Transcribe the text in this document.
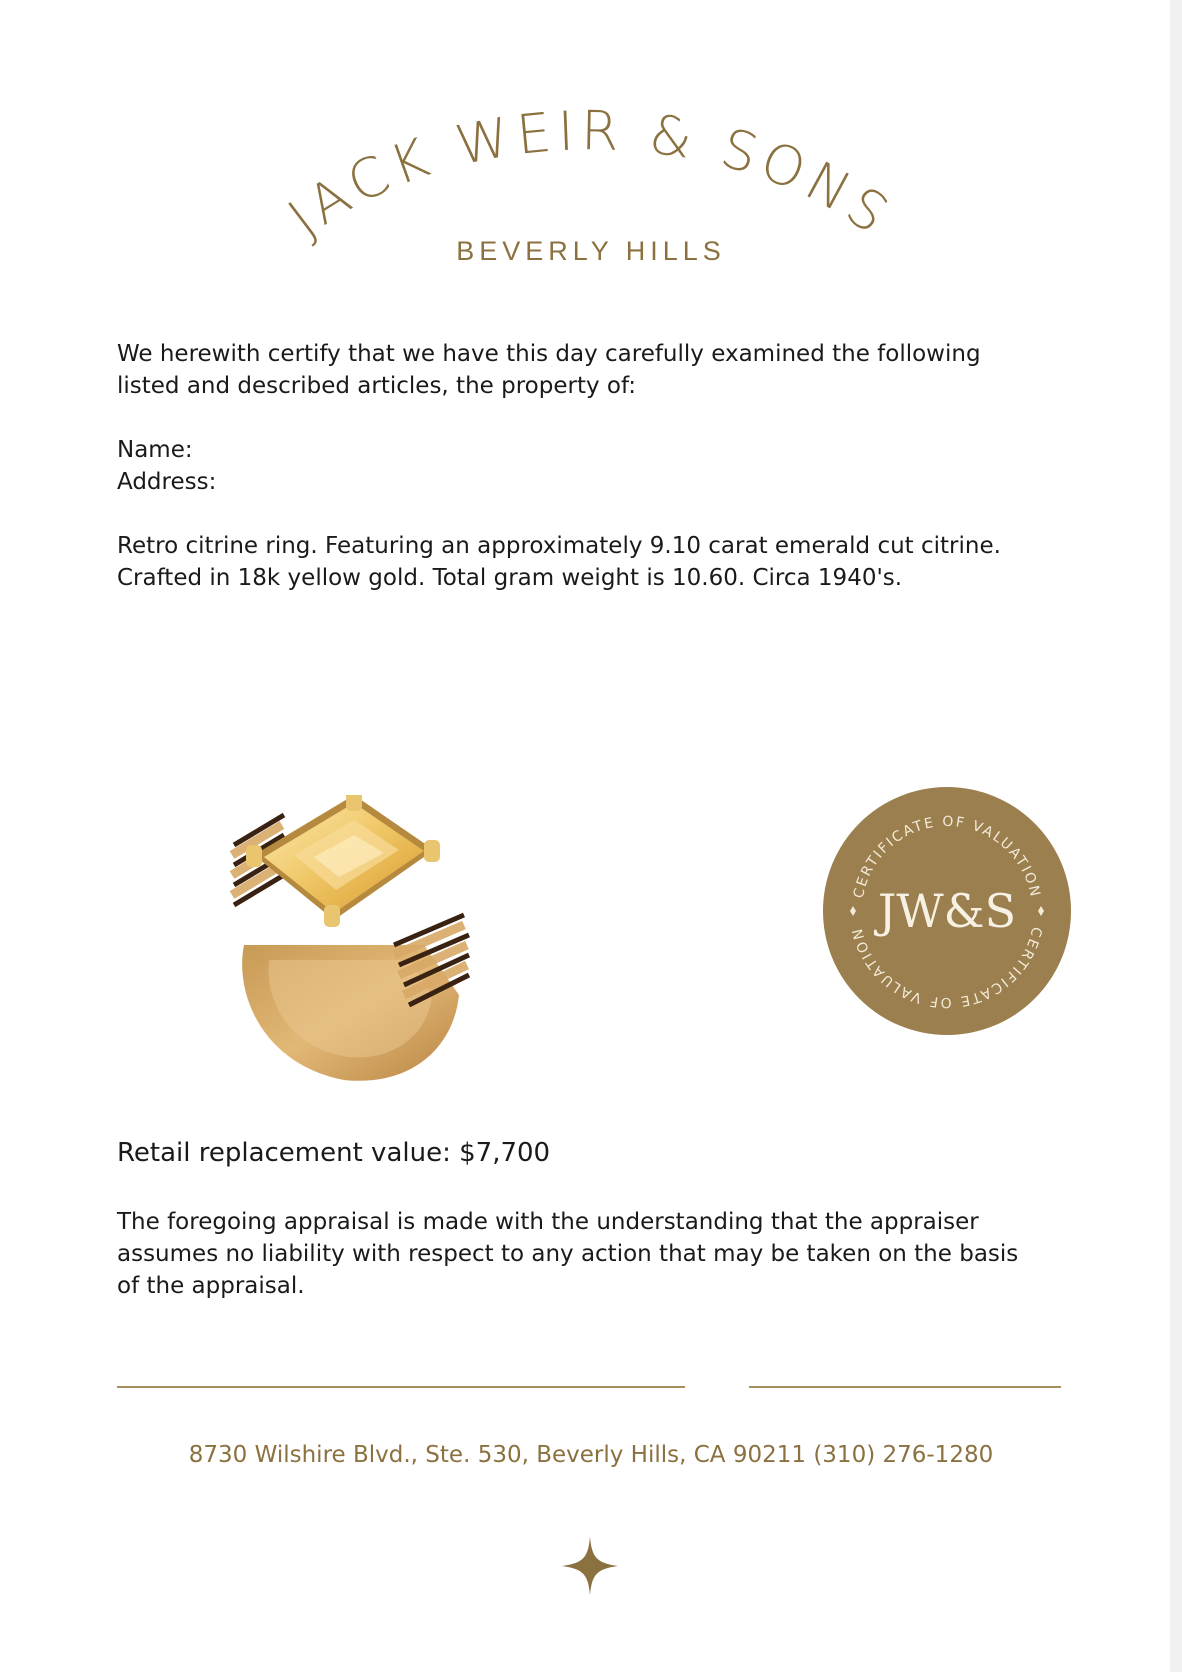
JACK WEIR & SONS
BEVERLY HILLS
We herewith certify that we have this day carefully examined the following listed and described articles, the property of:
Name:
Address:
Retro citrine ring. Featuring an approximately 9.10 carat emerald cut citrine. Crafted in 18k yellow gold. Total gram weight is 10.60. Circa 1940's.
CERTIFICATE OF VALUATION
CERTIFICATE OF VALUATION JW&S
Retail replacement value: $7,700
The foregoing appraisal is made with the understanding that the appraiser assumes no liability with respect to any action that may be taken on the basis of the appraisal.
8730 Wilshire Blvd., Ste. 530, Beverly Hills, CA 90211 (310) 276-1280
